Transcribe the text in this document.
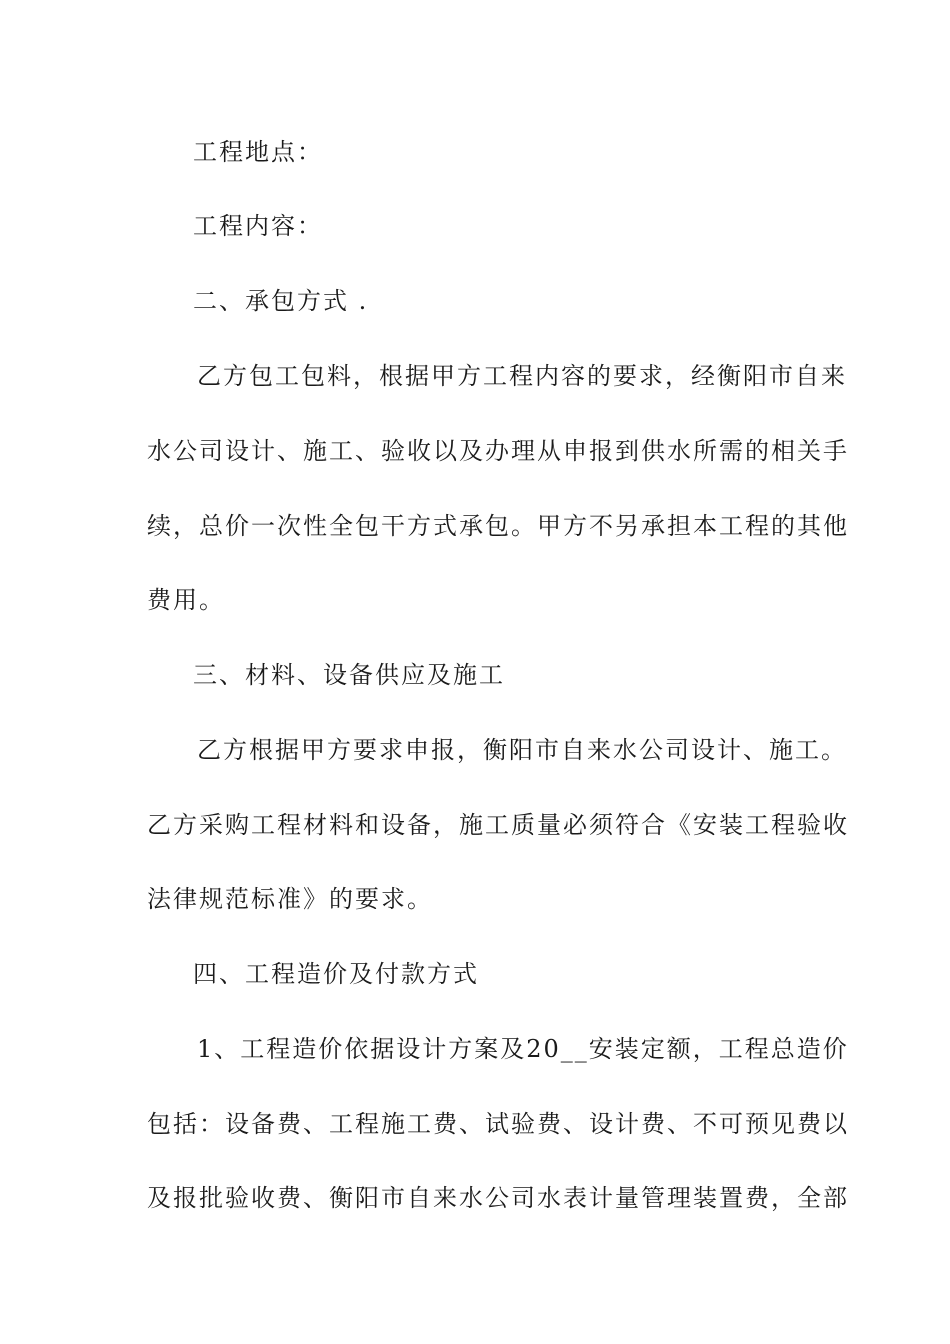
工程地点：

工程内容：

二、承包方式 .

乙方包工包料，根据甲方工程内容的要求，经衡阳市自来

水公司设计、施工、验收以及办理从申报到供水所需的相关手

续，总价一次性全包干方式承包。甲方不另承担本工程的其他

费用。

三、材料、设备供应及施工

乙方根据甲方要求申报，衡阳市自来水公司设计、施工。

乙方采购工程材料和设备，施工质量必须符合《安装工程验收

法律规范标准》的要求。

四、工程造价及付款方式

1、工程造价依据设计方案及20__安装定额，工程总造价

包括：设备费、工程施工费、试验费、设计费、不可预见费以

及报批验收费、衡阳市自来水公司水表计量管理装置费，全部
